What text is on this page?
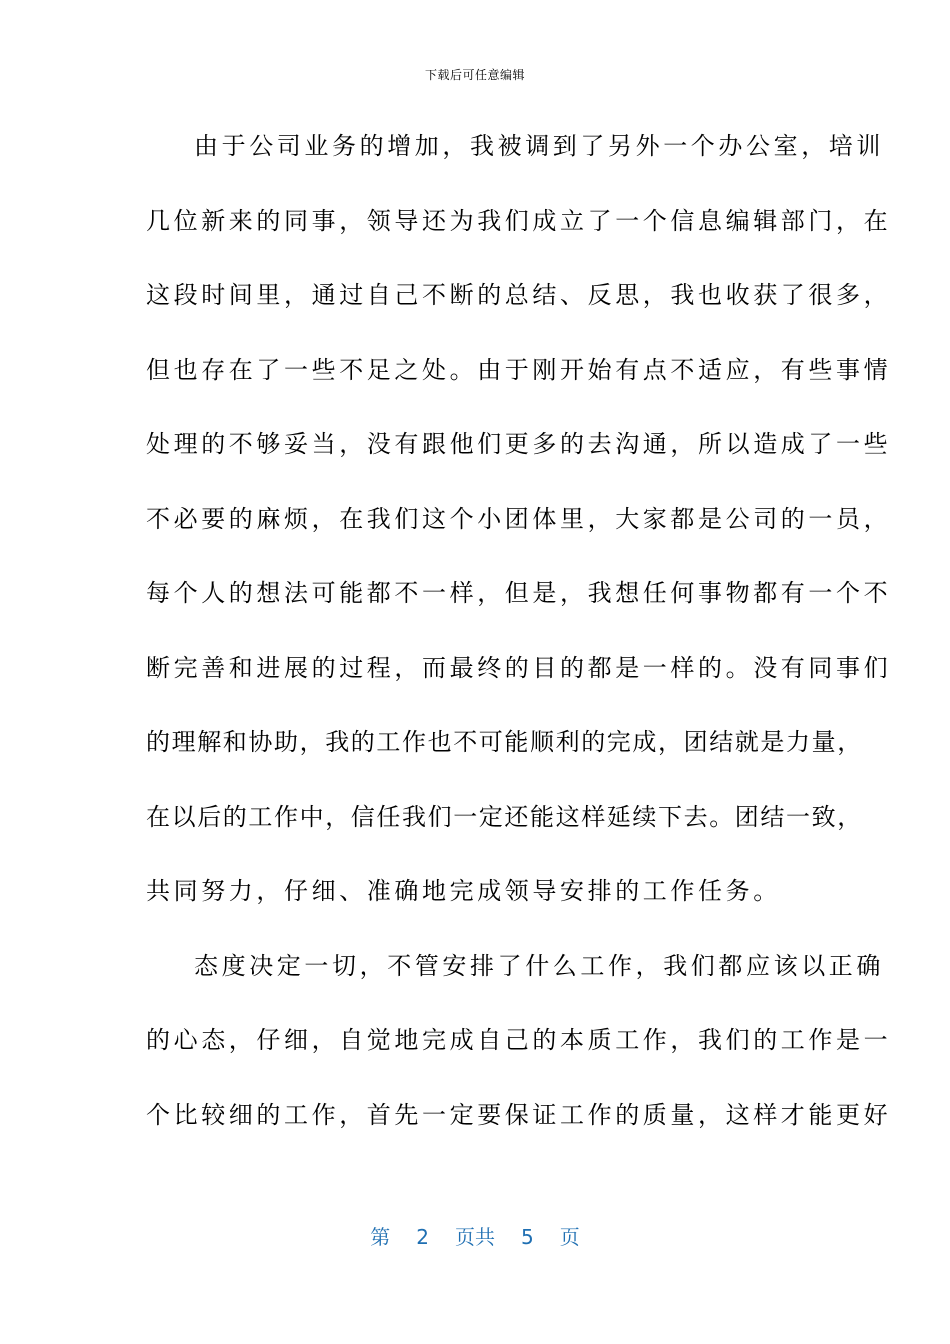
下载后可任意编辑
由于公司业务的增加，我被调到了另外一个办公室，培训
几位新来的同事，领导还为我们成立了一个信息编辑部门，在
这段时间里，通过自己不断的总结、反思，我也收获了很多，
但也存在了一些不足之处。由于刚开始有点不适应，有些事情
处理的不够妥当，没有跟他们更多的去沟通，所以造成了一些
不必要的麻烦，在我们这个小团体里，大家都是公司的一员，
每个人的想法可能都不一样，但是，我想任何事物都有一个不
断完善和进展的过程，而最终的目的都是一样的。没有同事们
的理解和协助，我的工作也不可能顺利的完成，团结就是力量，
在以后的工作中，信任我们一定还能这样延续下去。团结一致，
共同努力，仔细、准确地完成领导安排的工作任务。
态度决定一切，不管安排了什么工作，我们都应该以正确
的心态，仔细，自觉地完成自己的本质工作，我们的工作是一
个比较细的工作，首先一定要保证工作的质量，这样才能更好
第 2 页共 5 页
